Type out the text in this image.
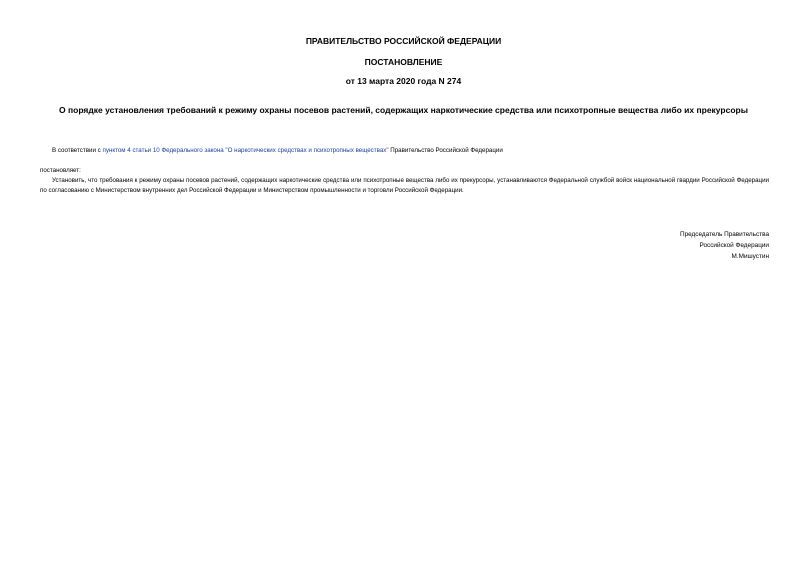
ПРАВИТЕЛЬСТВО РОССИЙСКОЙ ФЕДЕРАЦИИ
ПОСТАНОВЛЕНИЕ
от 13 марта 2020 года N 274
О порядке установления требований к режиму охраны посевов растений, содержащих наркотические средства или психотропные вещества либо их прекурсоры
В соответствии с пунктом 4 статьи 10 Федерального закона "О наркотических средствах и психотропных веществах" Правительство Российской Федерации
постановляет:
Установить, что требования к режиму охраны посевов растений, содержащих наркотические средства или психотропные вещества либо их прекурсоры, устанавливаются Федеральной службой войск национальной гвардии Российской Федерации по согласованию с Министерством внутренних дел Российской Федерации и Министерством промышленности и торговли Российской Федерации.
Председатель Правительства
Российской Федерации
М.Мишустин
